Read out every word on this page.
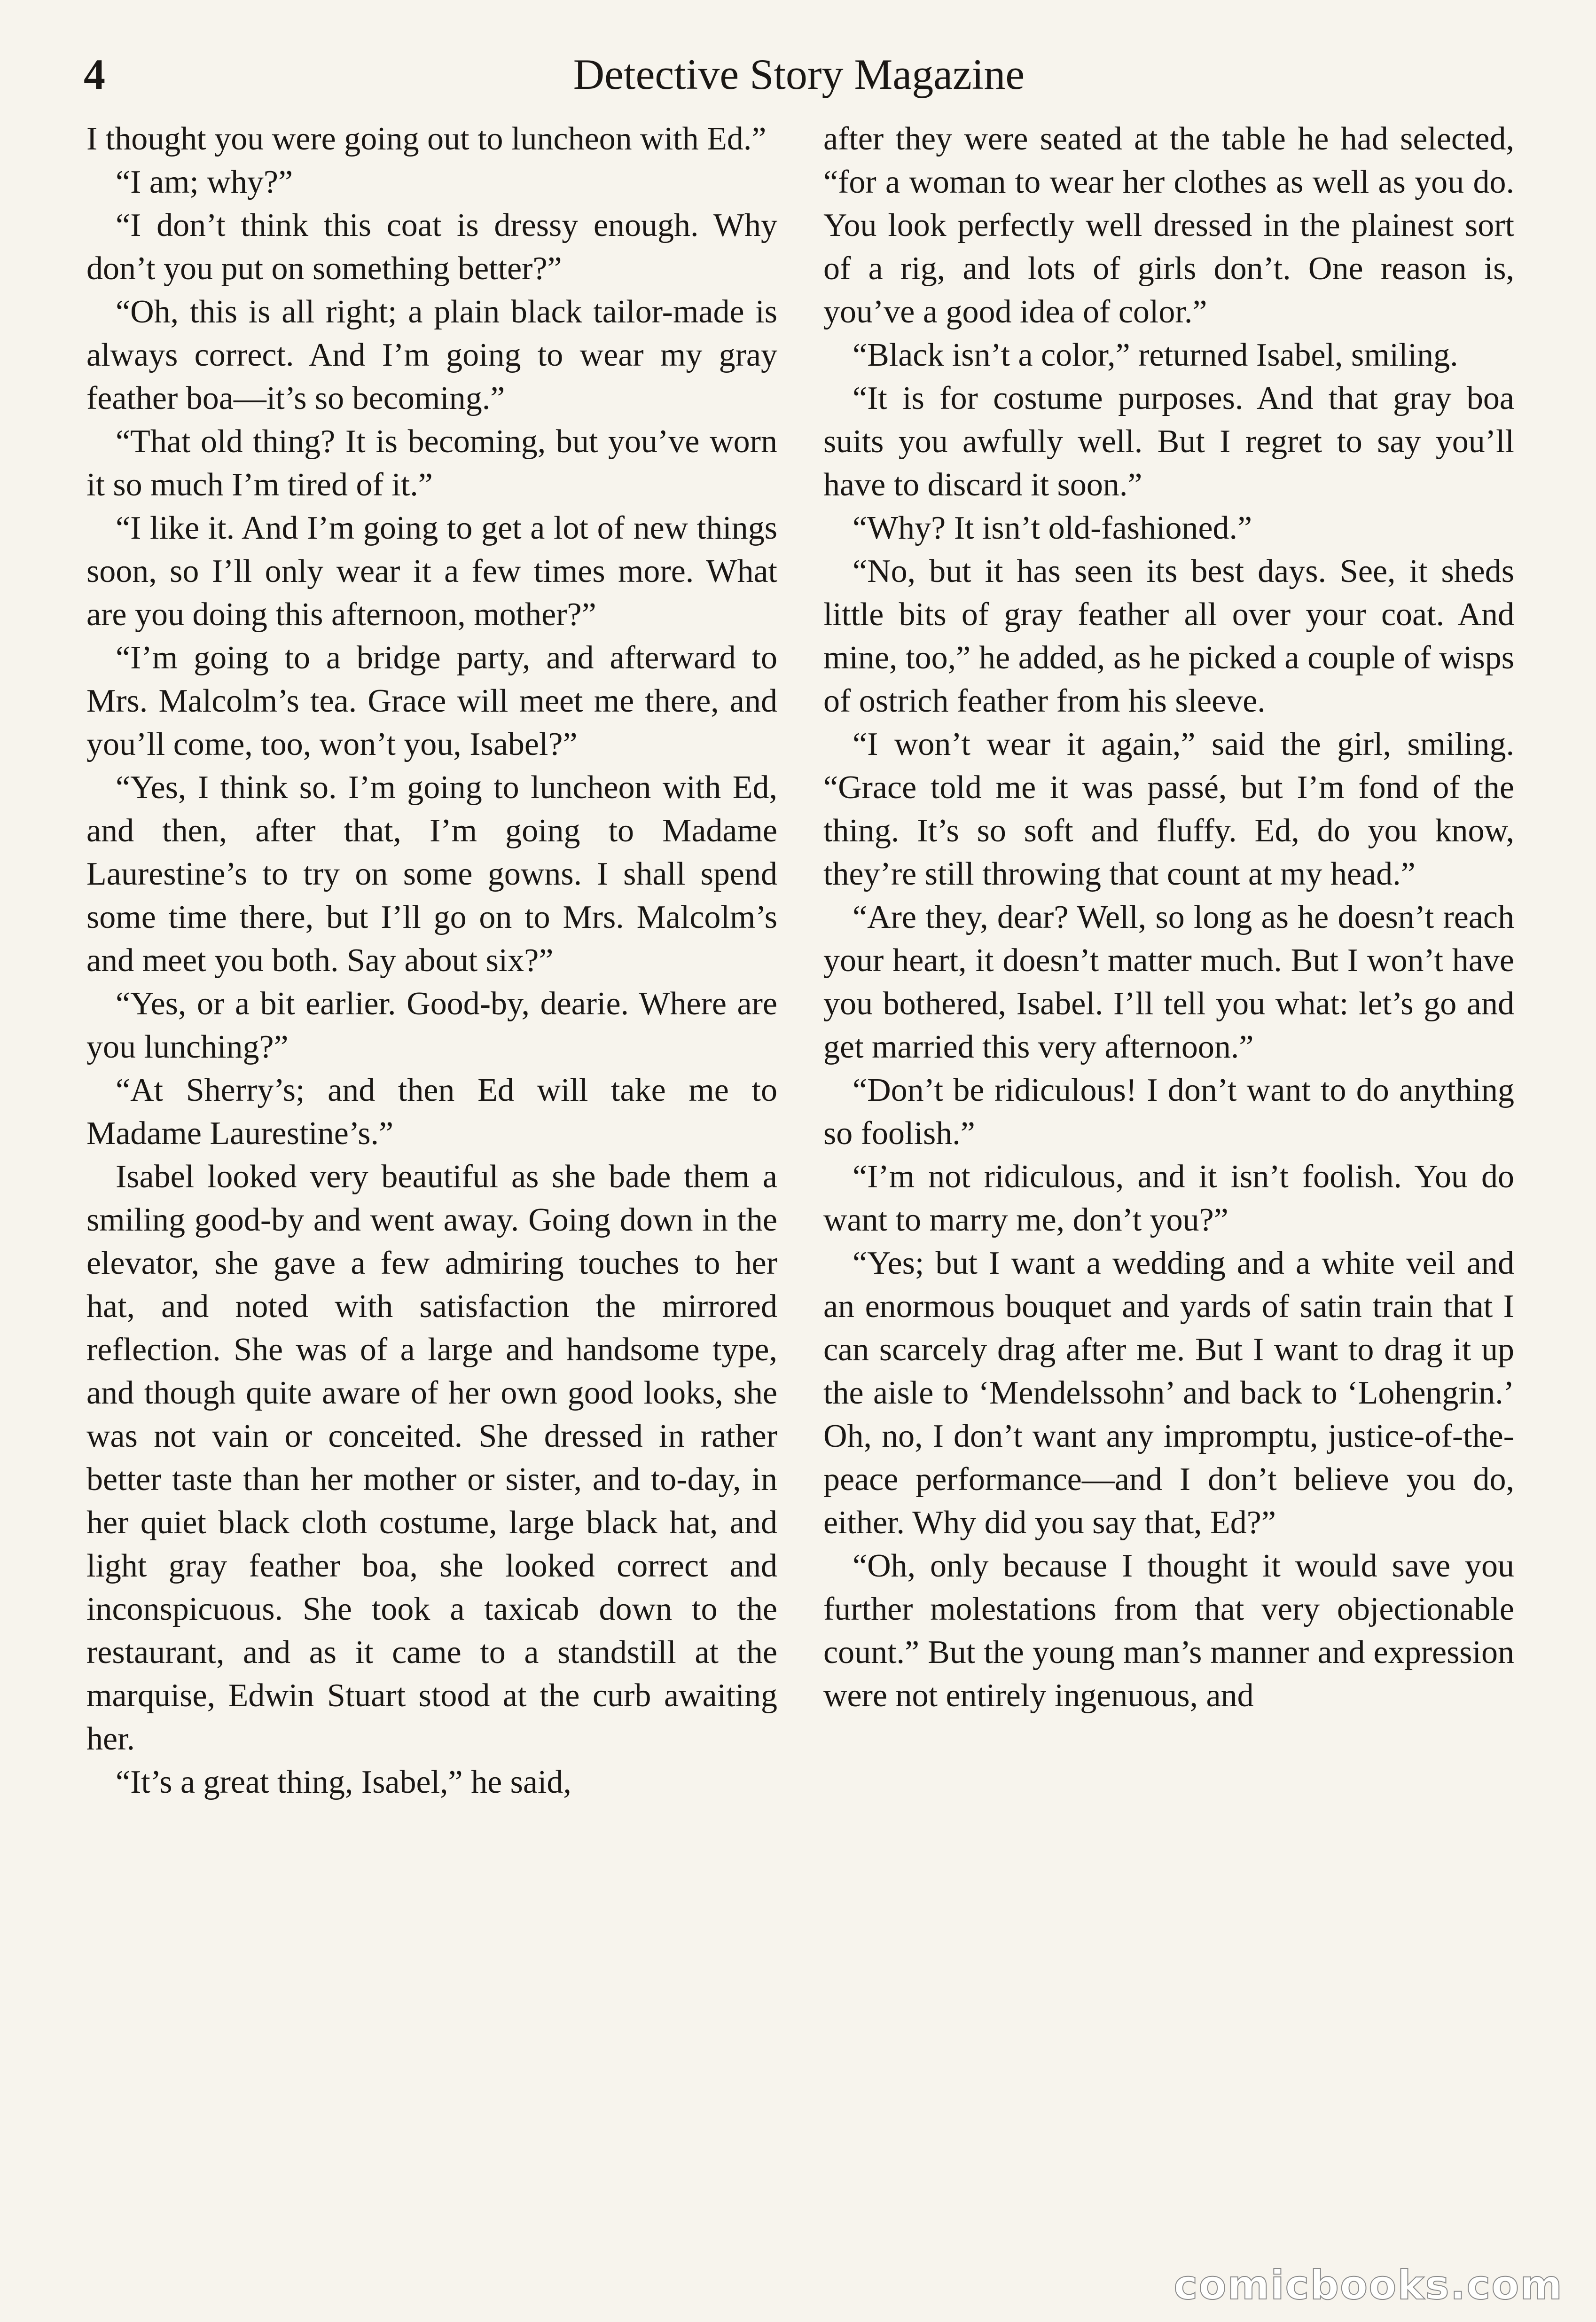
4	Detective Story Magazine

I thought you were going out to luncheon with Ed.”

“I am; why?”

“I don’t think this coat is dressy enough. Why don’t you put on something better?”

“Oh, this is all right; a plain black tailor-made is always correct. And I’m going to wear my gray feather boa—it’s so becoming.”

“That old thing? It is becoming, but you’ve worn it so much I’m tired of it.”

“I like it. And I’m going to get a lot of new things soon, so I’ll only wear it a few times more. What are you doing this afternoon, mother?”

“I’m going to a bridge party, and afterward to Mrs. Malcolm’s tea. Grace will meet me there, and you’ll come, too, won’t you, Isabel?”

“Yes, I think so. I’m going to luncheon with Ed, and then, after that, I’m going to Madame Laurestine’s to try on some gowns. I shall spend some time there, but I’ll go on to Mrs. Malcolm’s and meet you both. Say about six?”

“Yes, or a bit earlier. Good-by, dearie. Where are you lunching?”

“At Sherry’s; and then Ed will take me to Madame Laurestine’s.”

Isabel looked very beautiful as she bade them a smiling good-by and went away. Going down in the elevator, she gave a few admiring touches to her hat, and noted with satisfaction the mirrored reflection. She was of a large and handsome type, and though quite aware of her own good looks, she was not vain or conceited. She dressed in rather better taste than her mother or sister, and to-day, in her quiet black cloth costume, large black hat, and light gray feather boa, she looked correct and inconspicuous. She took a taxicab down to the restaurant, and as it came to a standstill at the marquise, Edwin Stuart stood at the curb awaiting her.

“It’s a great thing, Isabel,” he said,

after they were seated at the table he had selected, “for a woman to wear her clothes as well as you do. You look perfectly well dressed in the plainest sort of a rig, and lots of girls don’t. One reason is, you’ve a good idea of color.”

“Black isn’t a color,” returned Isabel, smiling.

“It is for costume purposes. And that gray boa suits you awfully well. But I regret to say you’ll have to discard it soon.”

“Why? It isn’t old-fashioned.”

“No, but it has seen its best days. See, it sheds little bits of gray feather all over your coat. And mine, too,” he added, as he picked a couple of wisps of ostrich feather from his sleeve.

“I won’t wear it again,” said the girl, smiling. “Grace told me it was passé, but I’m fond of the thing. It’s so soft and fluffy. Ed, do you know, they’re still throwing that count at my head.”

“Are they, dear? Well, so long as he doesn’t reach your heart, it doesn’t matter much. But I won’t have you bothered, Isabel. I’ll tell you what: let’s go and get married this very afternoon.”

“Don’t be ridiculous! I don’t want to do anything so foolish.”

“I’m not ridiculous, and it isn’t foolish. You do want to marry me, don’t you?”

“Yes; but I want a wedding and a white veil and an enormous bouquet and yards of satin train that I can scarcely drag after me. But I want to drag it up the aisle to ‘Mendelssohn’ and back to ‘Lohengrin.’ Oh, no, I don’t want any impromptu, justice-of-the-peace performance—and I don’t believe you do, either. Why did you say that, Ed?”

“Oh, only because I thought it would save you further molestations from that very objectionable count.” But the young man’s manner and expression were not entirely ingenuous, and

comicbooks.com
